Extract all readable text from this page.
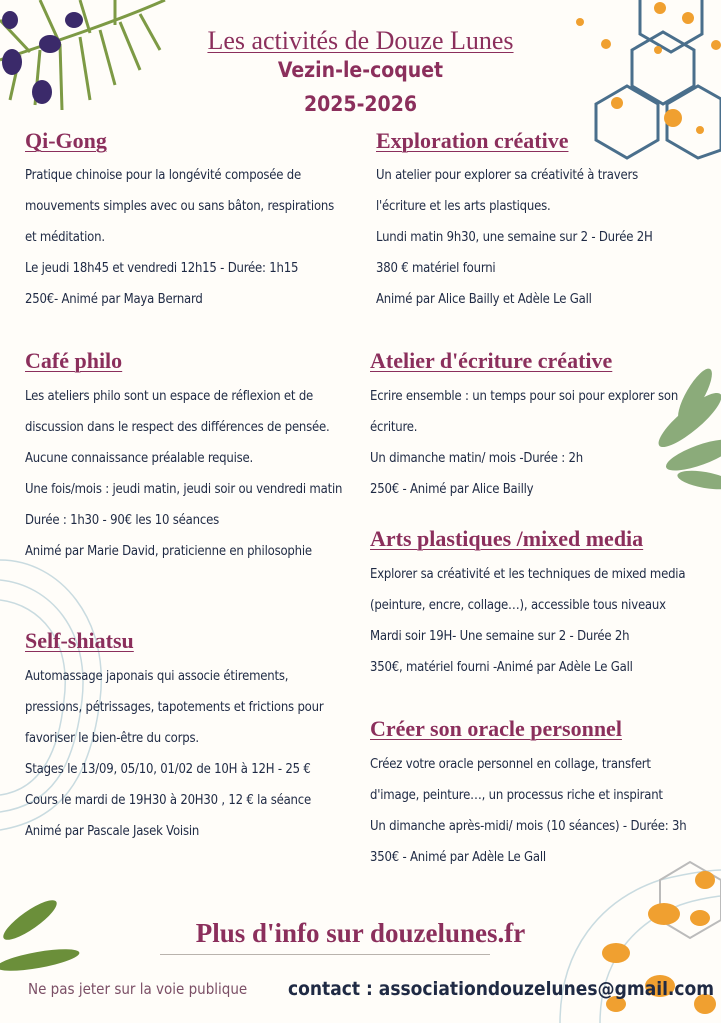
Les activités de Douze Lunes
Vezin-le-coquet
2025-2026
Qi-Gong

Pratique chinoise pour la longévité composée de

mouvements simples avec ou sans bâton, respirations

et méditation.

Le jeudi 18h45 et vendredi 12h15 - Durée: 1h15

250€- Animé par Maya Bernard

Café philo

Les ateliers philo sont un espace de réflexion et de

discussion dans le respect des différences de pensée.

Aucune connaissance préalable requise.

Une fois/mois : jeudi matin, jeudi soir ou vendredi matin

Durée : 1h30 - 90€ les 10 séances

Animé par Marie David, praticienne en philosophie

Self-shiatsu

Automassage japonais qui associe étirements,

pressions, pétrissages, tapotements et frictions pour

favoriser le bien-être du corps.

Stages le 13/09, 05/10, 01/02 de 10H à 12H - 25 €

Cours le mardi de 19H30 à 20H30 , 12 € la séance

Animé par Pascale Jasek Voisin

Exploration créative

Un atelier pour explorer sa créativité à travers

l'écriture et les arts plastiques.

Lundi matin 9h30, une semaine sur 2 - Durée 2H

380 € matériel fourni

Animé par Alice Bailly et Adèle Le Gall

Atelier d'écriture créative

Ecrire ensemble : un temps pour soi pour explorer son

écriture.

Un dimanche matin/ mois -Durée : 2h

250€ - Animé par Alice Bailly

Arts plastiques /mixed media

Explorer sa créativité et les techniques de mixed media

(peinture, encre, collage…), accessible tous niveaux

Mardi soir 19H- Une semaine sur 2 - Durée 2h

350€, matériel fourni -Animé par Adèle Le Gall

Créer son oracle personnel

Créez votre oracle personnel en collage, transfert

d'image, peinture…, un processus riche et inspirant

Un dimanche après-midi/ mois (10 séances) - Durée: 3h

350€ - Animé par Adèle Le Gall

Plus d'info sur douzelunes.fr
Ne pas jeter sur la voie publique contact : associationdouzelunes@gmail.com
